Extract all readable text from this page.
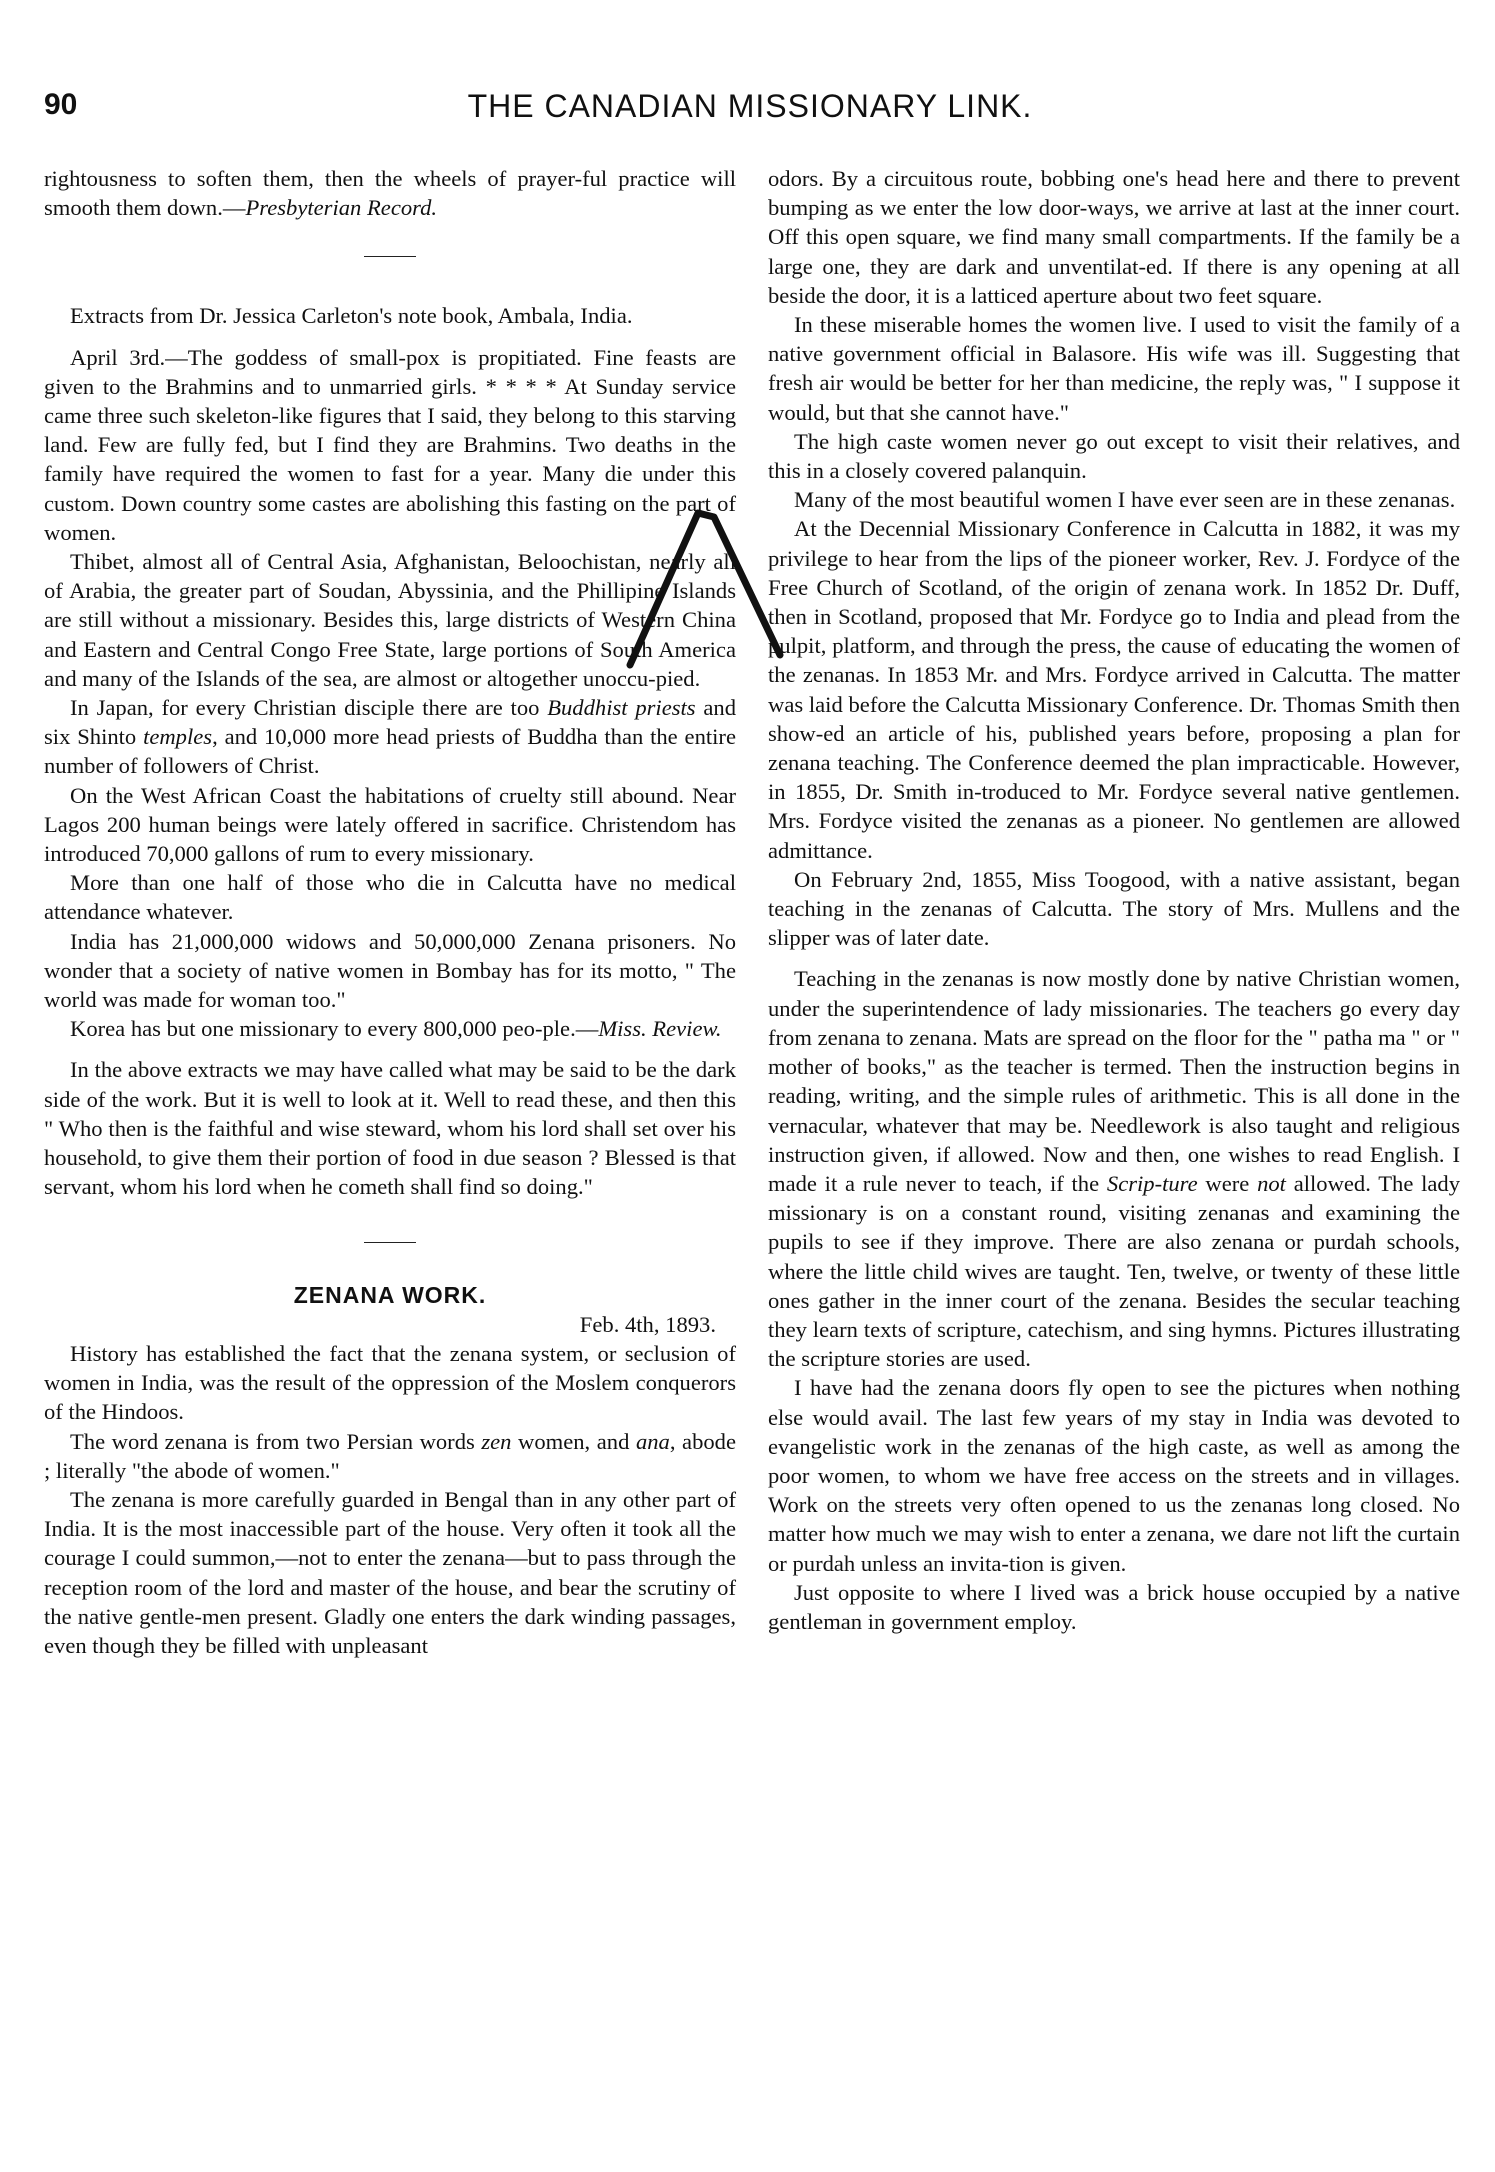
90	THE CANADIAN MISSIONARY LINK.

rightousness to soften them, then the wheels of prayer-ful practice will smooth them down.—Presbyterian Record.

Extracts from Dr. Jessica Carleton's note book, Ambala, India.

April 3rd.—The goddess of small-pox is propitiated. Fine feasts are given to the Brahmins and to unmarried girls. * * * * At Sunday service came three such skeleton-like figures that I said, they belong to this starving land. Few are fully fed, but I find they are Brahmins. Two deaths in the family have required the women to fast for a year. Many die under this custom. Down country some castes are abolishing this fasting on the part of women.

Thibet, almost all of Central Asia, Afghanistan, Beloochistan, nearly all of Arabia, the greater part of Soudan, Abyssinia, and the Phillipine Islands are still without a missionary. Besides this, large districts of Western China and Eastern and Central Congo Free State, large portions of South America and many of the Islands of the sea, are almost or altogether unoccu-pied.

In Japan, for every Christian disciple there are too Buddhist priests and six Shinto temples, and 10,000 more head priests of Buddha than the entire number of followers of Christ.

On the West African Coast the habitations of cruelty still abound. Near Lagos 200 human beings were lately offered in sacrifice. Christendom has introduced 70,000 gallons of rum to every missionary.

More than one half of those who die in Calcutta have no medical attendance whatever.

India has 21,000,000 widows and 50,000,000 Zenana prisoners. No wonder that a society of native women in Bombay has for its motto, " The world was made for woman too."

Korea has but one missionary to every 800,000 peo-ple.—Miss. Review.

In the above extracts we may have called what may be said to be the dark side of the work. But it is well to look at it. Well to read these, and then this " Who then is the faithful and wise steward, whom his lord shall set over his household, to give them their portion of food in due season ? Blessed is that servant, whom his lord when he cometh shall find so doing."

ZENANA WORK.
Feb. 4th, 1893.

History has established the fact that the zenana system, or seclusion of women in India, was the result of the oppression of the Moslem conquerors of the Hindoos.

The word zenana is from two Persian words zen women, and ana, abode ; literally "the abode of women."

The zenana is more carefully guarded in Bengal than in any other part of India. It is the most inaccessible part of the house. Very often it took all the courage I could summon,—not to enter the zenana—but to pass through the reception room of the lord and master of the house, and bear the scrutiny of the native gentle-men present. Gladly one enters the dark winding passages, even though they be filled with unpleasant

odors. By a circuitous route, bobbing one's head here and there to prevent bumping as we enter the low door-ways, we arrive at last at the inner court. Off this open square, we find many small compartments. If the family be a large one, they are dark and unventilat-ed. If there is any opening at all beside the door, it is a latticed aperture about two feet square.

In these miserable homes the women live. I used to visit the family of a native government official in Balasore. His wife was ill. Suggesting that fresh air would be better for her than medicine, the reply was, " I suppose it would, but that she cannot have."

The high caste women never go out except to visit their relatives, and this in a closely covered palanquin.

Many of the most beautiful women I have ever seen are in these zenanas.

At the Decennial Missionary Conference in Calcutta in 1882, it was my privilege to hear from the lips of the pioneer worker, Rev. J. Fordyce of the Free Church of Scotland, of the origin of zenana work. In 1852 Dr. Duff, then in Scotland, proposed that Mr. Fordyce go to India and plead from the pulpit, platform, and through the press, the cause of educating the women of the zenanas. In 1853 Mr. and Mrs. Fordyce arrived in Calcutta. The matter was laid before the Calcutta Missionary Conference. Dr. Thomas Smith then show-ed an article of his, published years before, proposing a plan for zenana teaching. The Conference deemed the plan impracticable. However, in 1855, Dr. Smith in-troduced to Mr. Fordyce several native gentlemen. Mrs. Fordyce visited the zenanas as a pioneer. No gentlemen are allowed admittance.

On February 2nd, 1855, Miss Toogood, with a native assistant, began teaching in the zenanas of Calcutta. The story of Mrs. Mullens and the slipper was of later date.

Teaching in the zenanas is now mostly done by native Christian women, under the superintendence of lady missionaries. The teachers go every day from zenana to zenana. Mats are spread on the floor for the " patha ma " or " mother of books," as the teacher is termed. Then the instruction begins in reading, writing, and the simple rules of arithmetic. This is all done in the vernacular, whatever that may be. Needlework is also taught and religious instruction given, if allowed. Now and then, one wishes to read English. I made it a rule never to teach, if the Scrip-ture were not allowed. The lady missionary is on a constant round, visiting zenanas and examining the pupils to see if they improve. There are also zenana or purdah schools, where the little child wives are taught. Ten, twelve, or twenty of these little ones gather in the inner court of the zenana. Besides the secular teaching they learn texts of scripture, catechism, and sing hymns. Pictures illustrating the scripture stories are used.

I have had the zenana doors fly open to see the pictures when nothing else would avail. The last few years of my stay in India was devoted to evangelistic work in the zenanas of the high caste, as well as among the poor women, to whom we have free access on the streets and in villages. Work on the streets very often opened to us the zenanas long closed. No matter how much we may wish to enter a zenana, we dare not lift the curtain or purdah unless an invita-tion is given.

Just opposite to where I lived was a brick house occupied by a native gentleman in government employ.
